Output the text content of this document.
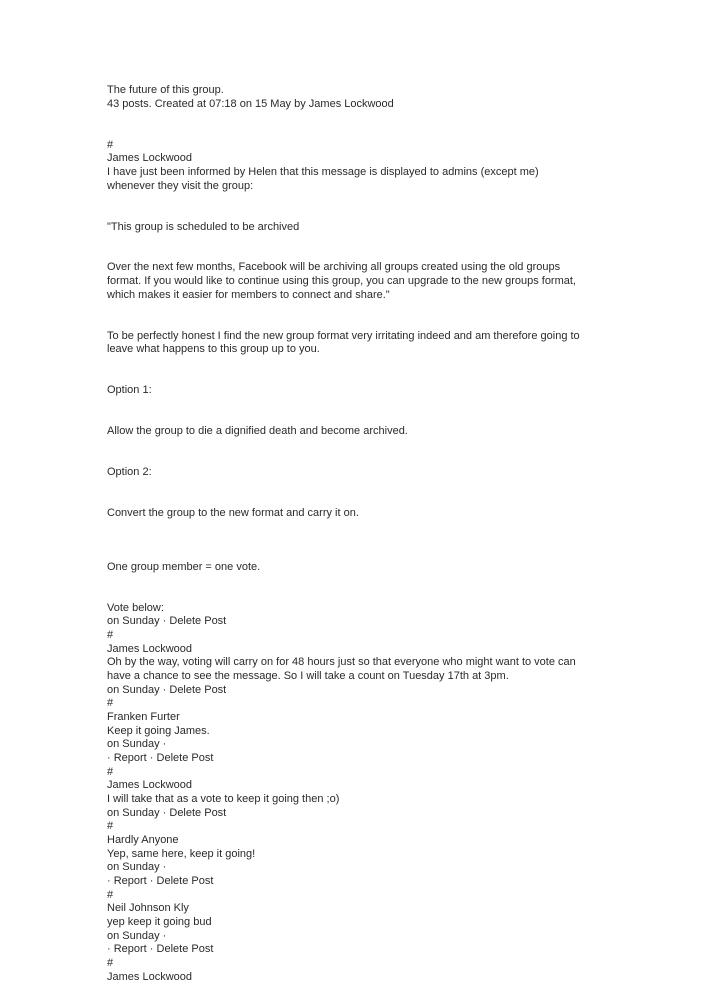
The future of this group.
43 posts. Created at 07:18 on 15 May by James Lockwood
#
James Lockwood
I have just been informed by Helen that this message is displayed to admins (except me)
whenever they visit the group:
"This group is scheduled to be archived
Over the next few months, Facebook will be archiving all groups created using the old groups
format. If you would like to continue using this group, you can upgrade to the new groups format,
which makes it easier for members to connect and share."
To be perfectly honest I find the new group format very irritating indeed and am therefore going to
leave what happens to this group up to you.
Option 1:
Allow the group to die a dignified death and become archived.
Option 2:
Convert the group to the new format and carry it on.
One group member = one vote.
Vote below:
on Sunday · Delete Post
#
James Lockwood
Oh by the way, voting will carry on for 48 hours just so that everyone who might want to vote can
have a chance to see the message. So I will take a count on Tuesday 17th at 3pm.
on Sunday · Delete Post
#
Franken Furter
Keep it going James.
on Sunday ·
· Report · Delete Post
#
James Lockwood
I will take that as a vote to keep it going then ;o)
on Sunday · Delete Post
#
Hardly Anyone
Yep, same here, keep it going!
on Sunday ·
· Report · Delete Post
#
Neil Johnson Kly
yep keep it going bud
on Sunday ·
· Report · Delete Post
#
James Lockwood
